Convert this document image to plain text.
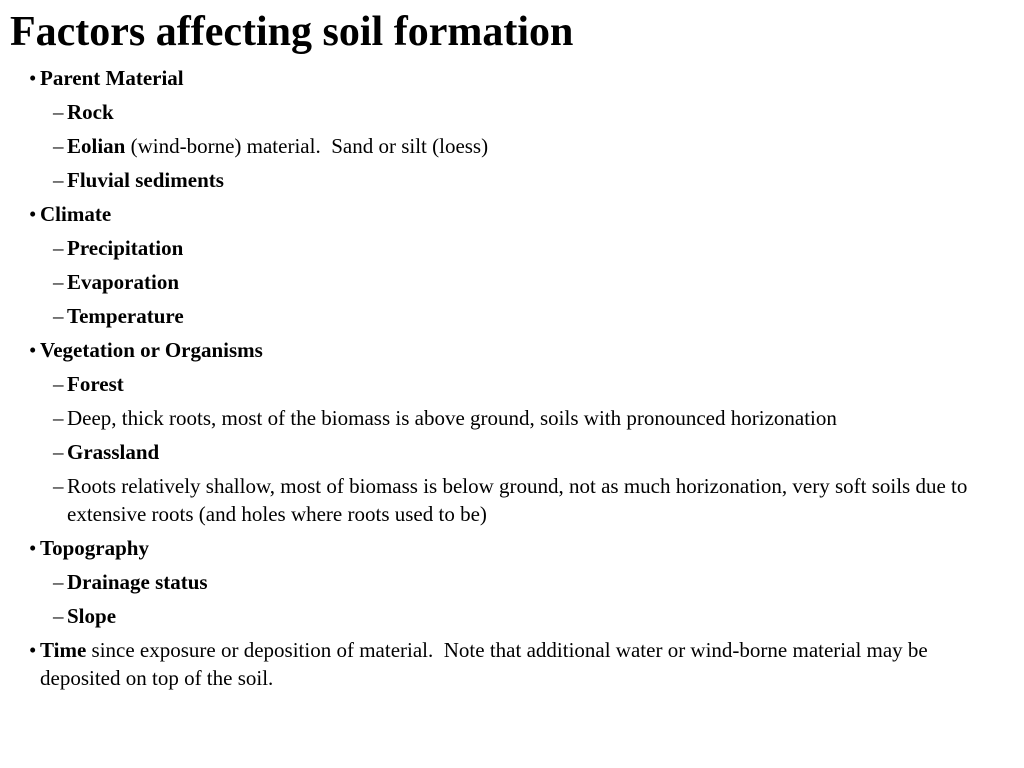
Factors affecting soil formation
• Parent Material
– Rock
– Eolian (wind-borne) material.  Sand or silt (loess)
– Fluvial sediments
• Climate
– Precipitation
– Evaporation
– Temperature
• Vegetation or Organisms
– Forest
– Deep, thick roots, most of the biomass is above ground, soils with pronounced horizonation
– Grassland
– Roots relatively shallow, most of biomass is below ground, not as much horizonation, very soft soils due to extensive roots (and holes where roots used to be)
• Topography
– Drainage status
– Slope
• Time since exposure or deposition of material.  Note that additional water or wind-borne material may be deposited on top of the soil.
